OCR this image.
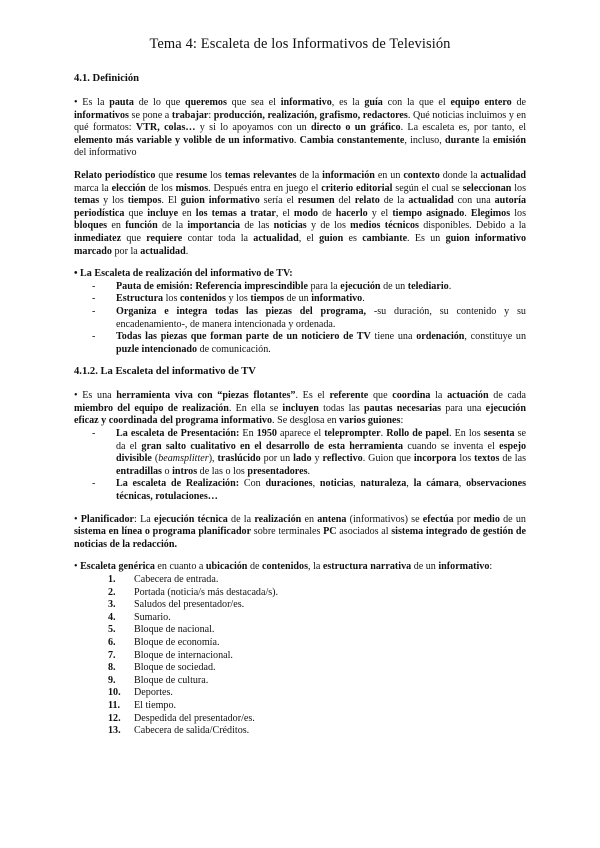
Tema 4: Escaleta de los Informativos de Televisión
4.1. Definición

• Es la pauta de lo que queremos que sea el informativo, es la guía con la que el equipo entero de informativos se pone a trabajar: producción, realización, grafismo, redactores. Qué noticias incluimos y en qué formatos: VTR, colas… y si lo apoyamos con un directo o un gráfico. La escaleta es, por tanto, el elemento más variable y volible de un informativo. Cambia constantemente, incluso, durante la emisión del informativo

Relato periodístico que resume los temas relevantes de la información en un contexto donde la actualidad marca la elección de los mismos. Después entra en juego el criterio editorial según el cual se seleccionan los temas y los tiempos. El guion informativo sería el resumen del relato de la actualidad con una autoría periodística que incluye en los temas a tratar, el modo de hacerlo y el tiempo asignado. Elegimos los bloques en función de la importancia de las noticias y de los medios técnicos disponibles. Debido a la inmediatez que requiere contar toda la actualidad, el guion es cambiante. Es un guion informativo marcado por la actualidad.

• La Escaleta de realización del informativo de TV:

- Pauta de emisión: Referencia imprescindible para la ejecución de un telediario.
- Estructura los contenidos y los tiempos de un informativo.
- Organiza e integra todas las piezas del programa, -su duración, su contenido y su encadenamiento-, de manera intencionada y ordenada.
- Todas las piezas que forman parte de un noticiero de TV tiene una ordenación, constituye un puzle intencionado de comunicación.
4.1.2. La Escaleta del informativo de TV

• Es una herramienta viva con “piezas flotantes”. Es el referente que coordina la actuación de cada miembro del equipo de realización. En ella se incluyen todas las pautas necesarias para una ejecución eficaz y coordinada del programa informativo. Se desglosa en varios guiones:

- La escaleta de Presentación: En 1950 aparece el teleprompter. Rollo de papel. En los sesenta se da el gran salto cualitativo en el desarrollo de esta herramienta cuando se inventa el espejo divisible (beamsplitter), traslúcido por un lado y reflectivo. Guion que incorpora los textos de las entradillas o intros de las o los presentadores.
- La escaleta de Realización: Con duraciones, noticias, naturaleza, la cámara, observaciones técnicas, rotulaciones…

• Planificador: La ejecución técnica de la realización en antena (informativos) se efectúa por medio de un sistema en línea o programa planificador sobre terminales PC asociados al sistema integrado de gestión de noticias de la redacción.

• Escaleta genérica en cuanto a ubicación de contenidos, la estructura narrativa de un informativo:

1.	Cabecera de entrada.
2.	Portada (noticia/s más destacada/s).
3.	Saludos del presentador/es.
4.	Sumario.
5.	Bloque de nacional.
6.	Bloque de economía.
7.	Bloque de internacional.
8.	Bloque de sociedad.
9.	Bloque de cultura.
10. Deportes.
11. El tiempo.
12. Despedida del presentador/es.
13. Cabecera de salida/Créditos.
